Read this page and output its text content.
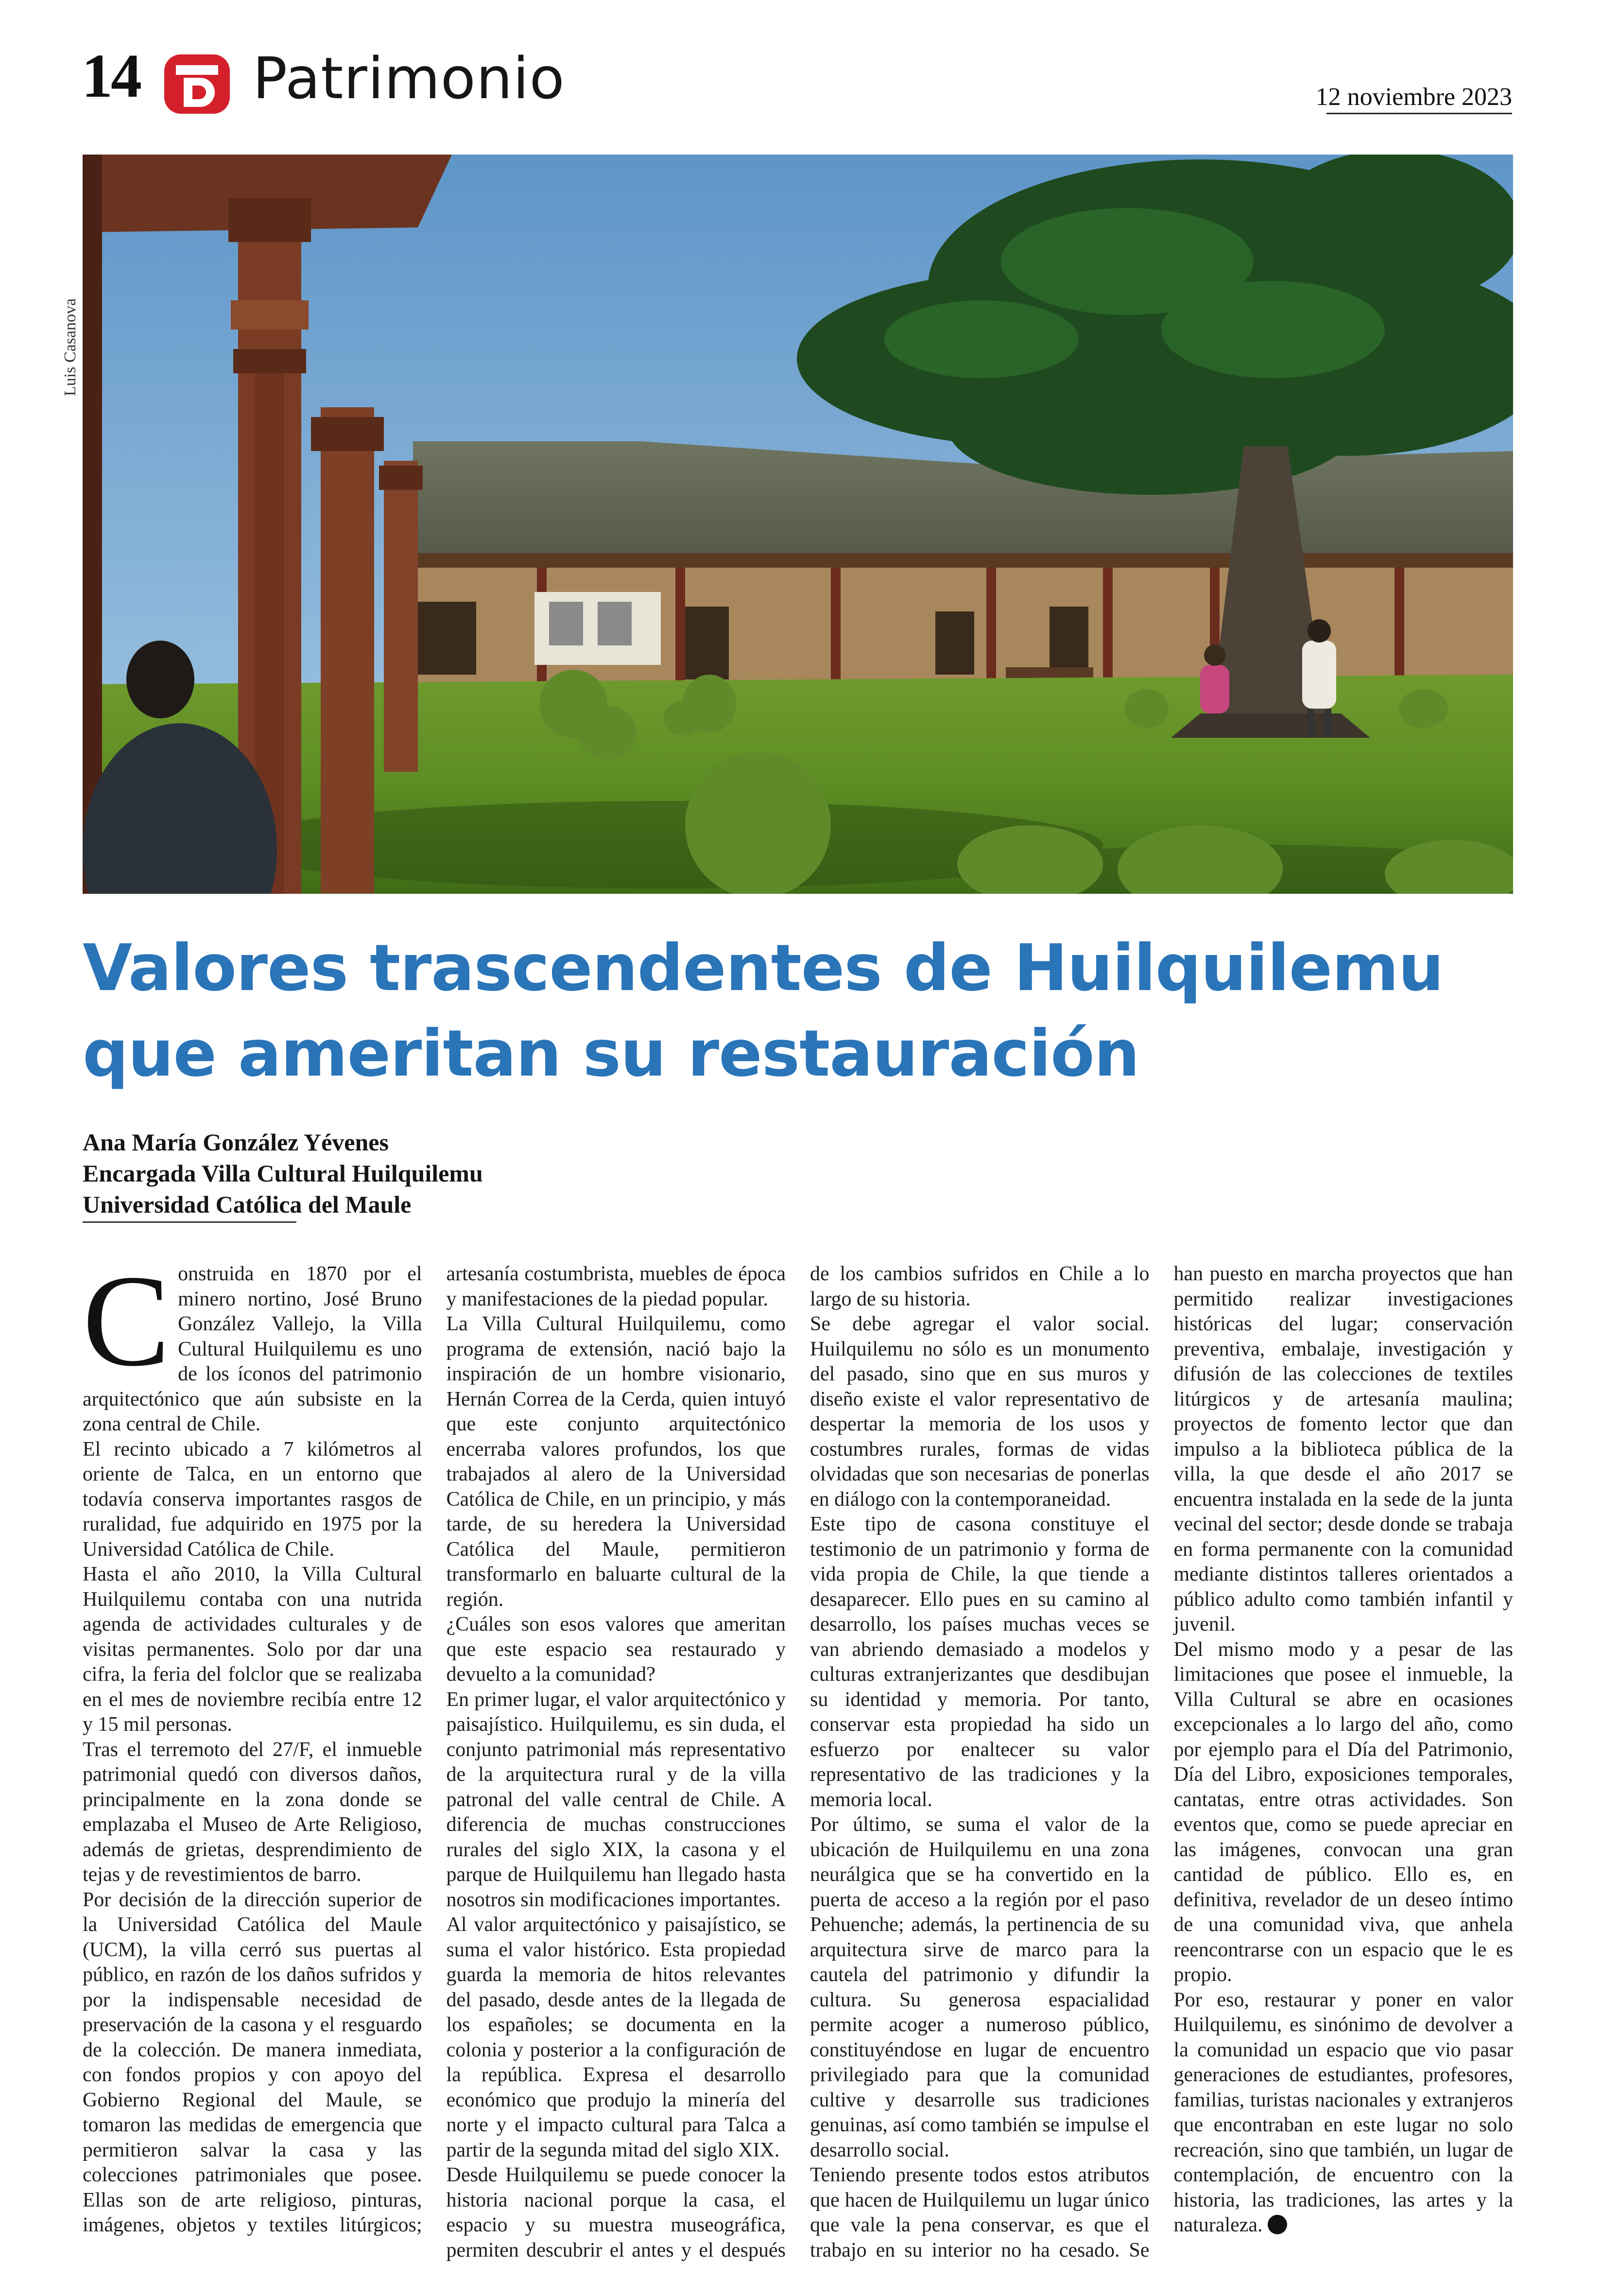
14 Patrimonio	12 noviembre 2023
Luis Casanova
Valores trascendentes de Huilquilemu
que ameritan su restauración
Ana María González Yévenes
Encargada Villa Cultural Huilquilemu
Universidad Católica del Maule

Construida en 1870 por el minero nortino, José Bruno González Vallejo, la Villa Cultural Huilquilemu es uno de los íconos del patrimonio arquitectónico que aún subsiste en la zona central de Chile.

El recinto ubicado a 7 kilómetros al oriente de Talca, en un entorno que todavía conserva importantes rasgos de ruralidad, fue adquirido en 1975 por la Universidad Católica de Chile.

Hasta el año 2010, la Villa Cultural Huilquilemu contaba con una nutrida agenda de actividades culturales y de visitas permanentes. Solo por dar una cifra, la feria del folclor que se realizaba en el mes de noviembre recibía entre 12 y 15 mil personas.

Tras el terremoto del 27/F, el inmueble patrimonial quedó con diversos daños, principalmente en la zona donde se emplazaba el Museo de Arte Religioso, además de grietas, desprendimiento de tejas y de revestimientos de barro.

Por decisión de la dirección superior de la Universidad Católica del Maule (UCM), la villa cerró sus puertas al público, en razón de los daños sufridos y por la indispensable necesidad de preservación de la casona y el resguardo de la colección. De manera inmediata, con fondos propios y con apoyo del Gobierno Regional del Maule, se tomaron las medidas de emergencia que permitieron salvar la casa y las colecciones patrimoniales que posee. Ellas son de arte religioso, pinturas, imágenes, objetos y textiles litúrgicos; artesanía costumbrista, muebles de época y manifestaciones de la piedad popular.

La Villa Cultural Huilquilemu, como programa de extensión, nació bajo la inspiración de un hombre visionario, Hernán Correa de la Cerda, quien intuyó que este conjunto arquitectónico encerraba valores profundos, los que trabajados al alero de la Universidad Católica de Chile, en un principio, y más tarde, de su heredera la Universidad Católica del Maule, permitieron transformarlo en baluarte cultural de la región.

¿Cuáles son esos valores que ameritan que este espacio sea restaurado y devuelto a la comunidad?

En primer lugar, el valor arquitectónico y paisajístico. Huilquilemu, es sin duda, el conjunto patrimonial más representativo de la arquitectura rural y de la villa patronal del valle central de Chile. A diferencia de muchas construcciones rurales del siglo XIX, la casona y el parque de Huilquilemu han llegado hasta nosotros sin modificaciones importantes.

Al valor arquitectónico y paisajístico, se suma el valor histórico. Esta propiedad guarda la memoria de hitos relevantes del pasado, desde antes de la llegada de los españoles; se documenta en la colonia y posterior a la configuración de la república. Expresa el desarrollo económico que produjo la minería del norte y el impacto cultural para Talca a partir de la segunda mitad del siglo XIX.

Desde Huilquilemu se puede conocer la historia nacional porque la casa, el espacio y su muestra museográfica, permiten descubrir el antes y el después de los cambios sufridos en Chile a lo largo de su historia.

Se debe agregar el valor social. Huilquilemu no sólo es un monumento del pasado, sino que en sus muros y diseño existe el valor representativo de despertar la memoria de los usos y costumbres rurales, formas de vidas olvidadas que son necesarias de ponerlas en diálogo con la contemporaneidad.

Este tipo de casona constituye el testimonio de un patrimonio y forma de vida propia de Chile, la que tiende a desaparecer. Ello pues en su camino al desarrollo, los países muchas veces se van abriendo demasiado a modelos y culturas extranjerizantes que desdibujan su identidad y memoria. Por tanto, conservar esta propiedad ha sido un esfuerzo por enaltecer su valor representativo de las tradiciones y la memoria local.

Por último, se suma el valor de la ubicación de Huilquilemu en una zona neurálgica que se ha convertido en la puerta de acceso a la región por el paso Pehuenche; además, la pertinencia de su arquitectura sirve de marco para la cautela del patrimonio y difundir la cultura. Su generosa espacialidad permite acoger a numeroso público, constituyéndose en lugar de encuentro privilegiado para que la comunidad cultive y desarrolle sus tradiciones genuinas, así como también se impulse el desarrollo social.

Teniendo presente todos estos atributos que hacen de Huilquilemu un lugar único que vale la pena conservar, es que el trabajo en su interior no ha cesado. Se han puesto en marcha proyectos que han permitido realizar investigaciones históricas del lugar; conservación preventiva, embalaje, investigación y difusión de las colecciones de textiles litúrgicos y de artesanía maulina; proyectos de fomento lector que dan impulso a la biblioteca pública de la villa, la que desde el año 2017 se encuentra instalada en la sede de la junta vecinal del sector; desde donde se trabaja en forma permanente con la comunidad mediante distintos talleres orientados a público adulto como también infantil y juvenil.

Del mismo modo y a pesar de las limitaciones que posee el inmueble, la Villa Cultural se abre en ocasiones excepcionales a lo largo del año, como por ejemplo para el Día del Patrimonio, Día del Libro, exposiciones temporales, cantatas, entre otras actividades. Son eventos que, como se puede apreciar en las imágenes, convocan una gran cantidad de público. Ello es, en definitiva, revelador de un deseo íntimo de una comunidad viva, que anhela reencontrarse con un espacio que le es propio.

Por eso, restaurar y poner en valor Huilquilemu, es sinónimo de devolver a la comunidad un espacio que vio pasar generaciones de estudiantes, profesores, familias, turistas nacionales y extranjeros que encontraban en este lugar no solo recreación, sino que también, un lugar de contemplación, de encuentro con la historia, las tradiciones, las artes y la naturaleza.
